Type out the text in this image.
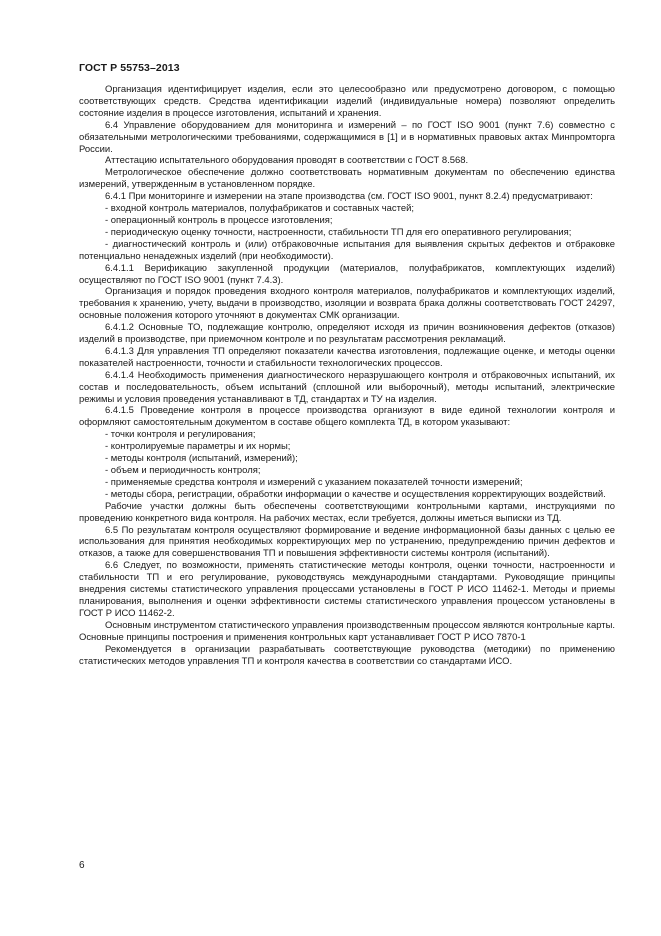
ГОСТ Р 55753–2013

Организация идентифицирует изделия, если это целесообразно или предусмотрено договором, с помощью соответствующих средств. Средства идентификации изделий (индивидуальные номера) позволяют определить состояние изделия в процессе изготовления, испытаний и хранения.

6.4 Управление оборудованием для мониторинга и измерений – по ГОСТ ISO 9001 (пункт 7.6) совместно с обязательными метрологическими требованиями, содержащимися в [1] и в нормативных правовых актах Минпромторга России.

Аттестацию испытательного оборудования проводят в соответствии с ГОСТ 8.568.

Метрологическое обеспечение должно соответствовать нормативным документам по обеспечению единства измерений, утвержденным в установленном порядке.

6.4.1 При мониторинге и измерении на этапе производства (см. ГОСТ ISO 9001, пункт 8.2.4) предусматривают:

- входной контроль материалов, полуфабрикатов и составных частей;

- операционный контроль в процессе изготовления;

- периодическую оценку точности, настроенности, стабильности ТП для его оперативного регулирования;

- диагностический контроль и (или) отбраковочные испытания для выявления скрытых дефектов и отбраковке потенциально ненадежных изделий (при необходимости).

6.4.1.1 Верификацию закупленной продукции (материалов, полуфабрикатов, комплектующих изделий) осуществляют по ГОСТ ISO 9001 (пункт 7.4.3).

Организация и порядок проведения входного контроля материалов, полуфабрикатов и комплектующих изделий, требования к хранению, учету, выдачи в производство, изоляции и возврата брака должны соответствовать ГОСТ 24297, основные положения которого уточняют в документах СМК организации.

6.4.1.2 Основные ТО, подлежащие контролю, определяют исходя из причин возникновения дефектов (отказов) изделий в производстве, при приемочном контроле и по результатам рассмотрения рекламаций.

6.4.1.3 Для управления ТП определяют показатели качества изготовления, подлежащие оценке, и методы оценки показателей настроенности, точности и стабильности технологических процессов.

6.4.1.4 Необходимость применения диагностического неразрушающего контроля и отбраковочных испытаний, их состав и последовательность, объем испытаний (сплошной или выборочный), методы испытаний, электрические режимы и условия проведения устанавливают в ТД, стандартах и ТУ на изделия.

6.4.1.5 Проведение контроля в процессе производства организуют в виде единой технологии контроля и оформляют самостоятельным документом в составе общего комплекта ТД, в котором указывают:

- точки контроля и регулирования;

- контролируемые параметры и их нормы;

- методы контроля (испытаний, измерений);

- объем и периодичность контроля;

- применяемые средства контроля и измерений с указанием показателей точности измерений;

- методы сбора, регистрации, обработки информации о качестве и осуществления корректирующих воздействий.

Рабочие участки должны быть обеспечены соответствующими контрольными картами, инструкциями по проведению конкретного вида контроля. На рабочих местах, если требуется, должны иметься выписки из ТД.

6.5 По результатам контроля осуществляют формирование и ведение информационной базы данных с целью ее использования для принятия необходимых корректирующих мер по устранению, предупреждению причин дефектов и отказов, а также для совершенствования ТП и повышения эффективности системы контроля (испытаний).

6.6 Следует, по возможности, применять статистические методы контроля, оценки точности, настроенности и стабильности ТП и его регулирование, руководствуясь международными стандартами. Руководящие принципы внедрения системы статистического управления процессами установлены в ГОСТ Р ИСО 11462-1. Методы и приемы планирования, выполнения и оценки эффективности системы статистического управления процессом установлены в ГОСТ Р ИСО 11462-2.

Основным инструментом статистического управления производственным процессом являются контрольные карты. Основные принципы построения и применения контрольных карт устанавливает ГОСТ Р ИСО 7870-1

Рекомендуется в организации разрабатывать соответствующие руководства (методики) по применению статистических методов управления ТП и контроля качества в соответствии со стандартами ИСО.

6
